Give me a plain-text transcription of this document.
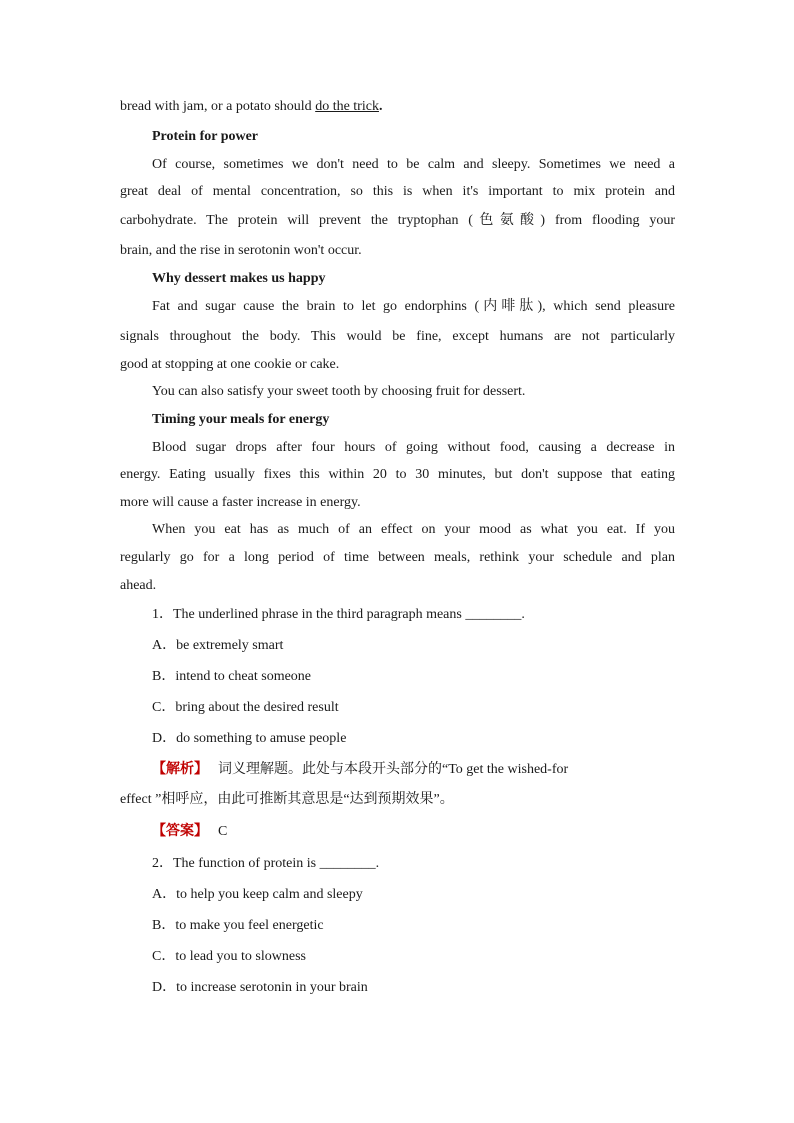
bread with jam, or a potato should do the trick.
Protein for power
Of course, sometimes we don't need to be calm and sleepy. Sometimes we need a
great deal of mental concentration, so this is when it's important to mix protein and
carbohydrate. The protein will prevent the tryptophan (色氨酸) from flooding your
brain, and the rise in serotonin won't occur.
Why dessert makes us happy
Fat and sugar cause the brain to let go endorphins (内啡肽), which send pleasure
signals throughout the body. This would be fine, except humans are not particularly
good at stopping at one cookie or cake.
You can also satisfy your sweet tooth by choosing fruit for dessert.
Timing your meals for energy
Blood sugar drops after four hours of going without food, causing a decrease in
energy. Eating usually fixes this within 20 to 30 minutes, but don't suppose that eating
more will cause a faster increase in energy.
When you eat has as much of an effect on your mood as what you eat. If you
regularly go for a long period of time between meals, rethink your schedule and plan
ahead.
1．The underlined phrase in the third paragraph means ________.
A．be extremely smart
B．intend to cheat someone
C．bring about the desired result
D．do something to amuse people
【解析】 词义理解题。此处与本段开头部分的“To get the wished-for
effect ”相呼应，由此可推断其意思是“达到预期效果”。
【答案】 C
2．The function of protein is ________.
A．to help you keep calm and sleepy
B．to make you feel energetic
C．to lead you to slowness
D．to increase serotonin in your brain
